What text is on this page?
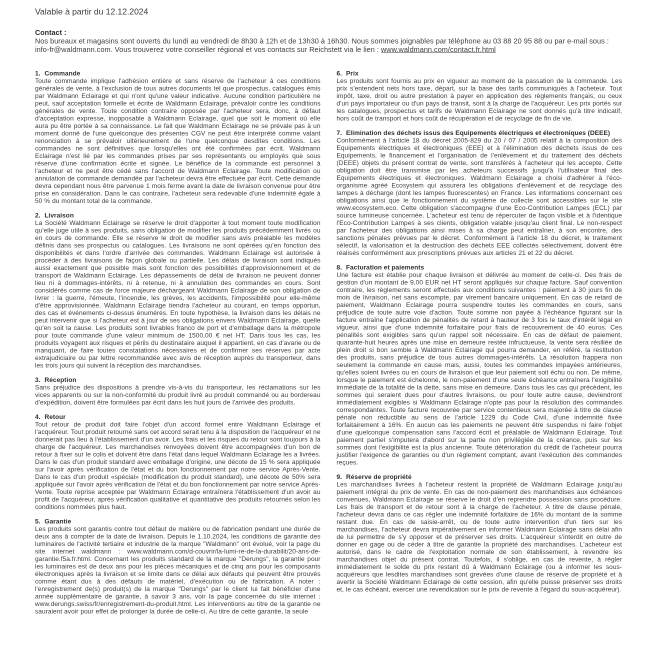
Valable à partir du 12.12.2024
Contact :

Nos bureaux et magasins sont ouverts du lundi au vendredi de 8h30 à 12h et de 13h30 à 16h30. Nous sommes joignables par téléphone au 03 88 20 95 88 ou par e-mail sous : info-fr@waldmann.com. Vous trouverez votre conseiller régional et vos contacts sur Reichstett via le lien : www.waldmann.com/contact.fr.html

1. Commande

Toute commande implique l'adhésion entière et sans réserve de l'acheteur à ces conditions générales de vente, à l'exclusion de tous autres documents tel que prospectus, catalogues émis par Waldmann Eclairage et qui n'ont qu'une valeur indicative. Aucune condition particulière ne peut, sauf acceptation formelle et écrite de Waldmann Eclairage, prévaloir contre les conditions générales de vente. Toute condition contraire opposée par l'acheteur sera, donc, à défaut d'acceptation expresse, inopposable à Waldmann Eclairage, quel que soit le moment où elle aura pu être portée à sa connaissance. Le fait que Waldmann Eclairage ne se prévale pas à un moment donné de l'une quelconque des présentes CGV ne peut être interprété comme valant renonciation à se prévaloir ultérieurement de l'une quelconque desdites conditions. Les commandes ne sont définitives que lorsqu'elles ont été confirmées par écrit. Waldmann Eclairage n'est lié par les commandes prises par ses représentants ou employés que sous réserve d'une confirmation écrite et signée. Le bénéfice de la commande est personnel à l'acheteur et ne peut être cédé sans l'accord de Waldmann Eclairage. Toute modification ou annulation de commande demandée par l'acheteur devra être effectuée par écrit. Cette demande devra cependant nous être parvenue 1 mois ferme avant la date de livraison convenue pour être prise en considération. Dans le cas contraire, l'acheteur sera redevable d'une indemnité égale à 50 % du montant total de la commande.

2. Livraison

La Société Waldmann Eclairage se réserve le droit d'apporter à tout moment toute modification qu'elle juge utile à ses produits, sans obligation de modifier les produits précédemment livrés ou en cours de commande. Elle se réserve le droit de modifier sans avis préalable les modèles définis dans ses prospectus ou catalogues. Les livraisons ne sont opérées qu'en fonction des disponibilités et dans l'ordre d'arrivée des commandes. Waldmann Eclairage est autorisée à procéder à des livraisons de façon globale ou partielle. Les délais de livraison sont indiqués aussi exactement que possible mais sont fonction des possibilités d'approvisionnement et de transport de Waldmann Eclairage. Les dépassements de délai de livraison ne peuvent donner lieu ni à dommages-intérêts, ni à retenue, ni à annulation des commandes en cours. Sont considérés comme cas de force majeure déchargeant Waldmann Eclairage de son obligation de livrer : la guerre, l'émeute, l'incendie, les grèves, les accidents, l'impossibilité pour elle-même d'être approvisionnée. Waldmann Eclairage tiendra l'acheteur au courant, en temps opportun, des cas et événements ci-dessus énumérés. En toute hypothèse, la livraison dans les délais ne peut intervenir que si l'acheteur est à jour de ses obligations envers Waldmann Eclairage, quelle qu'en soit la cause. Les produits sont livrables franco de port et d'emballage dans la métropole pour toute commande d'une valeur minimum de 1500,00 € net HT. Dans tous les cas, les produits voyagent aux risques et périls du destinataire auquel il appartient, en cas d'avarie ou de manquant, de faire toutes constatations nécessaires et de confirmer ses réserves par acte extrajudiciaire ou par lettre recommandée avec avis de réception auprès du transporteur, dans les trois jours qui suivent la réception des marchandises.

3. Réception

Sans préjudice des dispositions à prendre vis-à-vis du transporteur, les réclamations sur les vices apparents ou sur la non-conformité du produit livré au produit commandé ou au bordereau d'expédition, doivent être formulées par écrit dans les huit jours de l'arrivée des produits.

4. Retour

Tout retour de produit doit faire l'objet d'un accord formel entre Waldmann Eclairage et l'acquéreur. Tout produit retourné sans cet accord serait tenu à la disposition de l'acquéreur et ne donnerait pas lieu à l'établissement d'un avoir. Les frais et les risques du retour sont toujours à la charge de l'acquéreur. Les marchandises renvoyées doivent être accompagnées d'un bon de retour à fixer sur le colis et doivent être dans l'état dans lequel Waldmann Eclairage les a livrées. Dans le cas d'un produit standard avec emballage d'origine, une décote de 15 % sera appliquée sur l'avoir après vérification de l'état et du bon fonctionnement par notre service Après-Vente. Dans le cas d'un produit «spécial» (modification du produit standard), une décote de 50% sera appliquée sur l'avoir après vérification de l'état et du bon fonctionnement par notre service Après-Vente. Toute reprise acceptée par Waldmann Eclairage entraînera l'établissement d'un avoir au profit de l'acquéreur, après vérification qualitative et quantitative des produits retournés selon les conditions nommées plus haut.

5. Garantie

Les produits sont garantis contre tout défaut de matière ou de fabrication pendant une durée de deux ans à compter de la date de livraison. Depuis le 1.10.2024, les conditions de garantie des luminaires de l'activité tertiaire et industrie de la marque "Waldmann" ont évolué, voir la page du site internet waldmann : www.waldmann.com/d-couvrir/la-lumi-re-de-la-durabilit/20-ans-de-garantie.f5a.fr.html. Concernant les produits standard de la marque "Derungs", la garantie pour les luminaires est de deux ans pour les pièces mécaniques et de cinq ans pour les composants électroniques après la livraison et se limite dans ce délai aux défauts qui peuvent être prouvés comme étant dus à des défauts de matériel, d'exécution ou de fabrication. A noter : l'enregistrement de(s) produit(s) de la marque "Derungs" par le client lui fait bénéficier d'une année supplémentaire de garantie, à savoir 3 ans, voir la page concernée du site internet : www.derungs.swiss/fr/enregistrement-du-produit.html. Les interventions au titre de la garantie ne sauraient avoir pour effet de prolonger la durée de celle-ci. Au titre de cette garantie, la seule

6. Prix

Les produits sont fournis au prix en vigueur au moment de la passation de la commande. Les prix s'entendent nets hors taxe, départ, sur la base des tarifs communiqués à l'acheteur. Tout impôt, taxe, droit ou autre prestation à payer en application des règlements français, ou ceux d'un pays importateur ou d'un pays de transit, sont à la charge de l'acquéreur. Les prix portés sur les catalogues, prospectus et tarifs de Waldmann Eclairage ne sont donnés qu'à titre indicatif, hors coût de transport et hors coût de récupération et de recyclage de fin de vie.

7. Elimination des déchets issus des Equipements électriques et électroniques (DEEE)

Conformément à l'article 18 du décret 2005-829 du 20 / 07 / 2005 relatif à la composition des Equipements électriques et électroniques (EEE) et à l'élimination des déchets issus de ces Equipements, le financement et l'organisation de l'enlèvement et du traitement des déchets (DEEE) objets du présent contrat de vente, sont transférés à l'acheteur qui les accepte. Cette obligation doit être transmise par les acheteurs successifs jusqu'à l'utilisateur final des Equipements électriques et électroniques. Waldmann Eclairage a choisi d'adhérer à l'éco-organisme agréé Ecosystem qui assurera les obligations d'enlèvement et de recyclage des lampes à décharge (dont les lampes fluorescentes) en France. Les informations concernant ces obligations ainsi que le fonctionnement du système de collecte sont accessibles sur le site www.ecosystem.eco. Cette obligation s'accompagne d'une Eco-Contribution Lampes (ECL) par source lumineuse concernée. L'acheteur est tenu de répercuter de façon visible et à l'identique l'Eco-Contribution Lampes à ses clients, obligation valable jusqu'au client final. Le non-respect par l'acheteur des obligations ainsi mises à sa charge peut entraîner, à son encontre, des sanctions pénales prévues par le décret. Conformément à l'article 18 du décret, le traitement sélectif, la valorisation et la destruction des déchets EEE collectés sélectivement, doivent être réalisés conformément aux prescriptions prévues aux articles 21 et 22 du décret.

8. Facturation et paiements

Une facture est établie pour chaque livraison et délivrée au moment de celle-ci. Des frais de gestion d'un montant de 9,00 EUR net HT seront appliqués sur chaque facture. Sauf convention contraire, les règlements seront effectués aux conditions suivantes : paiement à 30 jours fin de mois de livraison, net sans escompte, par virement bancaire uniquement. En cas de retard de paiement, Waldmann Eclairage pourra suspendre toutes les commandes en cours, sans préjudice de toute autre voie d'action. Toute somme non payée à l'échéance figurant sur la facture entraîne l'application de pénalités de retard à hauteur de 3 fois le taux d'intérêt légal en vigueur, ainsi que d'une indemnité forfaitaire pour frais de recouvrement de 40 euros. Ces pénalités sont exigibles sans qu'un rappel soit nécessaire. En cas de défaut de paiement, quarante-huit heures après une mise en demeure restée infructueuse, la vente sera résiliée de plein droit si bon semble à Waldmann Eclairage qui pourra demander, en référé, la restitution des produits, sans préjudice de tous autres dommages-intérêts. La résolution frappera non seulement la commande en cause mais, aussi, toutes les commandes impayées antérieures, qu'elles soient livrées ou en cours de livraison et que leur paiement soit échu ou non. De même, lorsque le paiement est échelonné, le non-paiement d'une seule échéance entraînera l'exigibilité immédiate de la totalité de la dette, sans mise en demeure. Dans tous les cas qui précèdent, les sommes qui seraient dues pour d'autres livraisons, ou pour toute autre cause, deviendront immédiatement exigibles si Waldmann Eclairage n'opte pas pour la résolution des commandes correspondantes. Toute facture recouvrée par service contentieux sera majorée à titre de clause pénale non réductible au sens de l'article 1229 du Code Civil, d'une indemnité fixée forfaitairement à 16%. En aucun cas les paiements ne peuvent être suspendus ni faire l'objet d'une quelconque compensation sans l'accord écrit et préalable de Waldmann Eclairage. Tout paiement partiel s'imputera d'abord sur la partie non privilégiée de la créance, puis sur les sommes dont l'exigibilité est la plus ancienne. Toute détérioration du crédit de l'acheteur pourra justifier l'exigence de garanties ou d'un règlement comptant, avant l'exécution des commandes reçues.

9. Réserve de propriété

Les marchandises livrées à l'acheteur restent la propriété de Waldmann Eclairage jusqu'au paiement intégral du prix de vente. En cas de non-paiement des marchandises aux échéances convenues, Waldmann Eclairage se réserve le droit d'en reprendre possession sans procédure. Les frais de transport et de retour sont à la charge de l'acheteur. A titre de clause pénale, l'acheteur devra dans ce cas régler une indemnité forfaitaire de 16% du montant de la somme restant due. En cas de saisie-arrêt, ou de toute autre intervention d'un tiers sur les marchandises, l'acheteur devra impérativement en informer Waldmann Eclairage sans délai afin de lui permettre de s'y opposer et de préserver ses droits. L'acquéreur s'interdit en outre de donner en gage ou de céder à titre de garantie la propriété des marchandises. L'acheteur est autorisé, dans le cadre de l'exploitation normale de son établissement, à revendre les marchandises objet du présent contrat. Toutefois, il s'oblige, en cas de revente, à régler immédiatement le solde du prix restant dû à Waldmann Eclairage (ou à informer les sous-acquéreurs que lesdites marchandises sont grevées d'une clause de réserve de propriété et à avertir la Société Waldmann Eclairage de cette cession, afin qu'elle puisse préserver ses droits et, le cas échéant, exercer une revendication sur le prix de revente à l'égard du sous-acquéreur).
